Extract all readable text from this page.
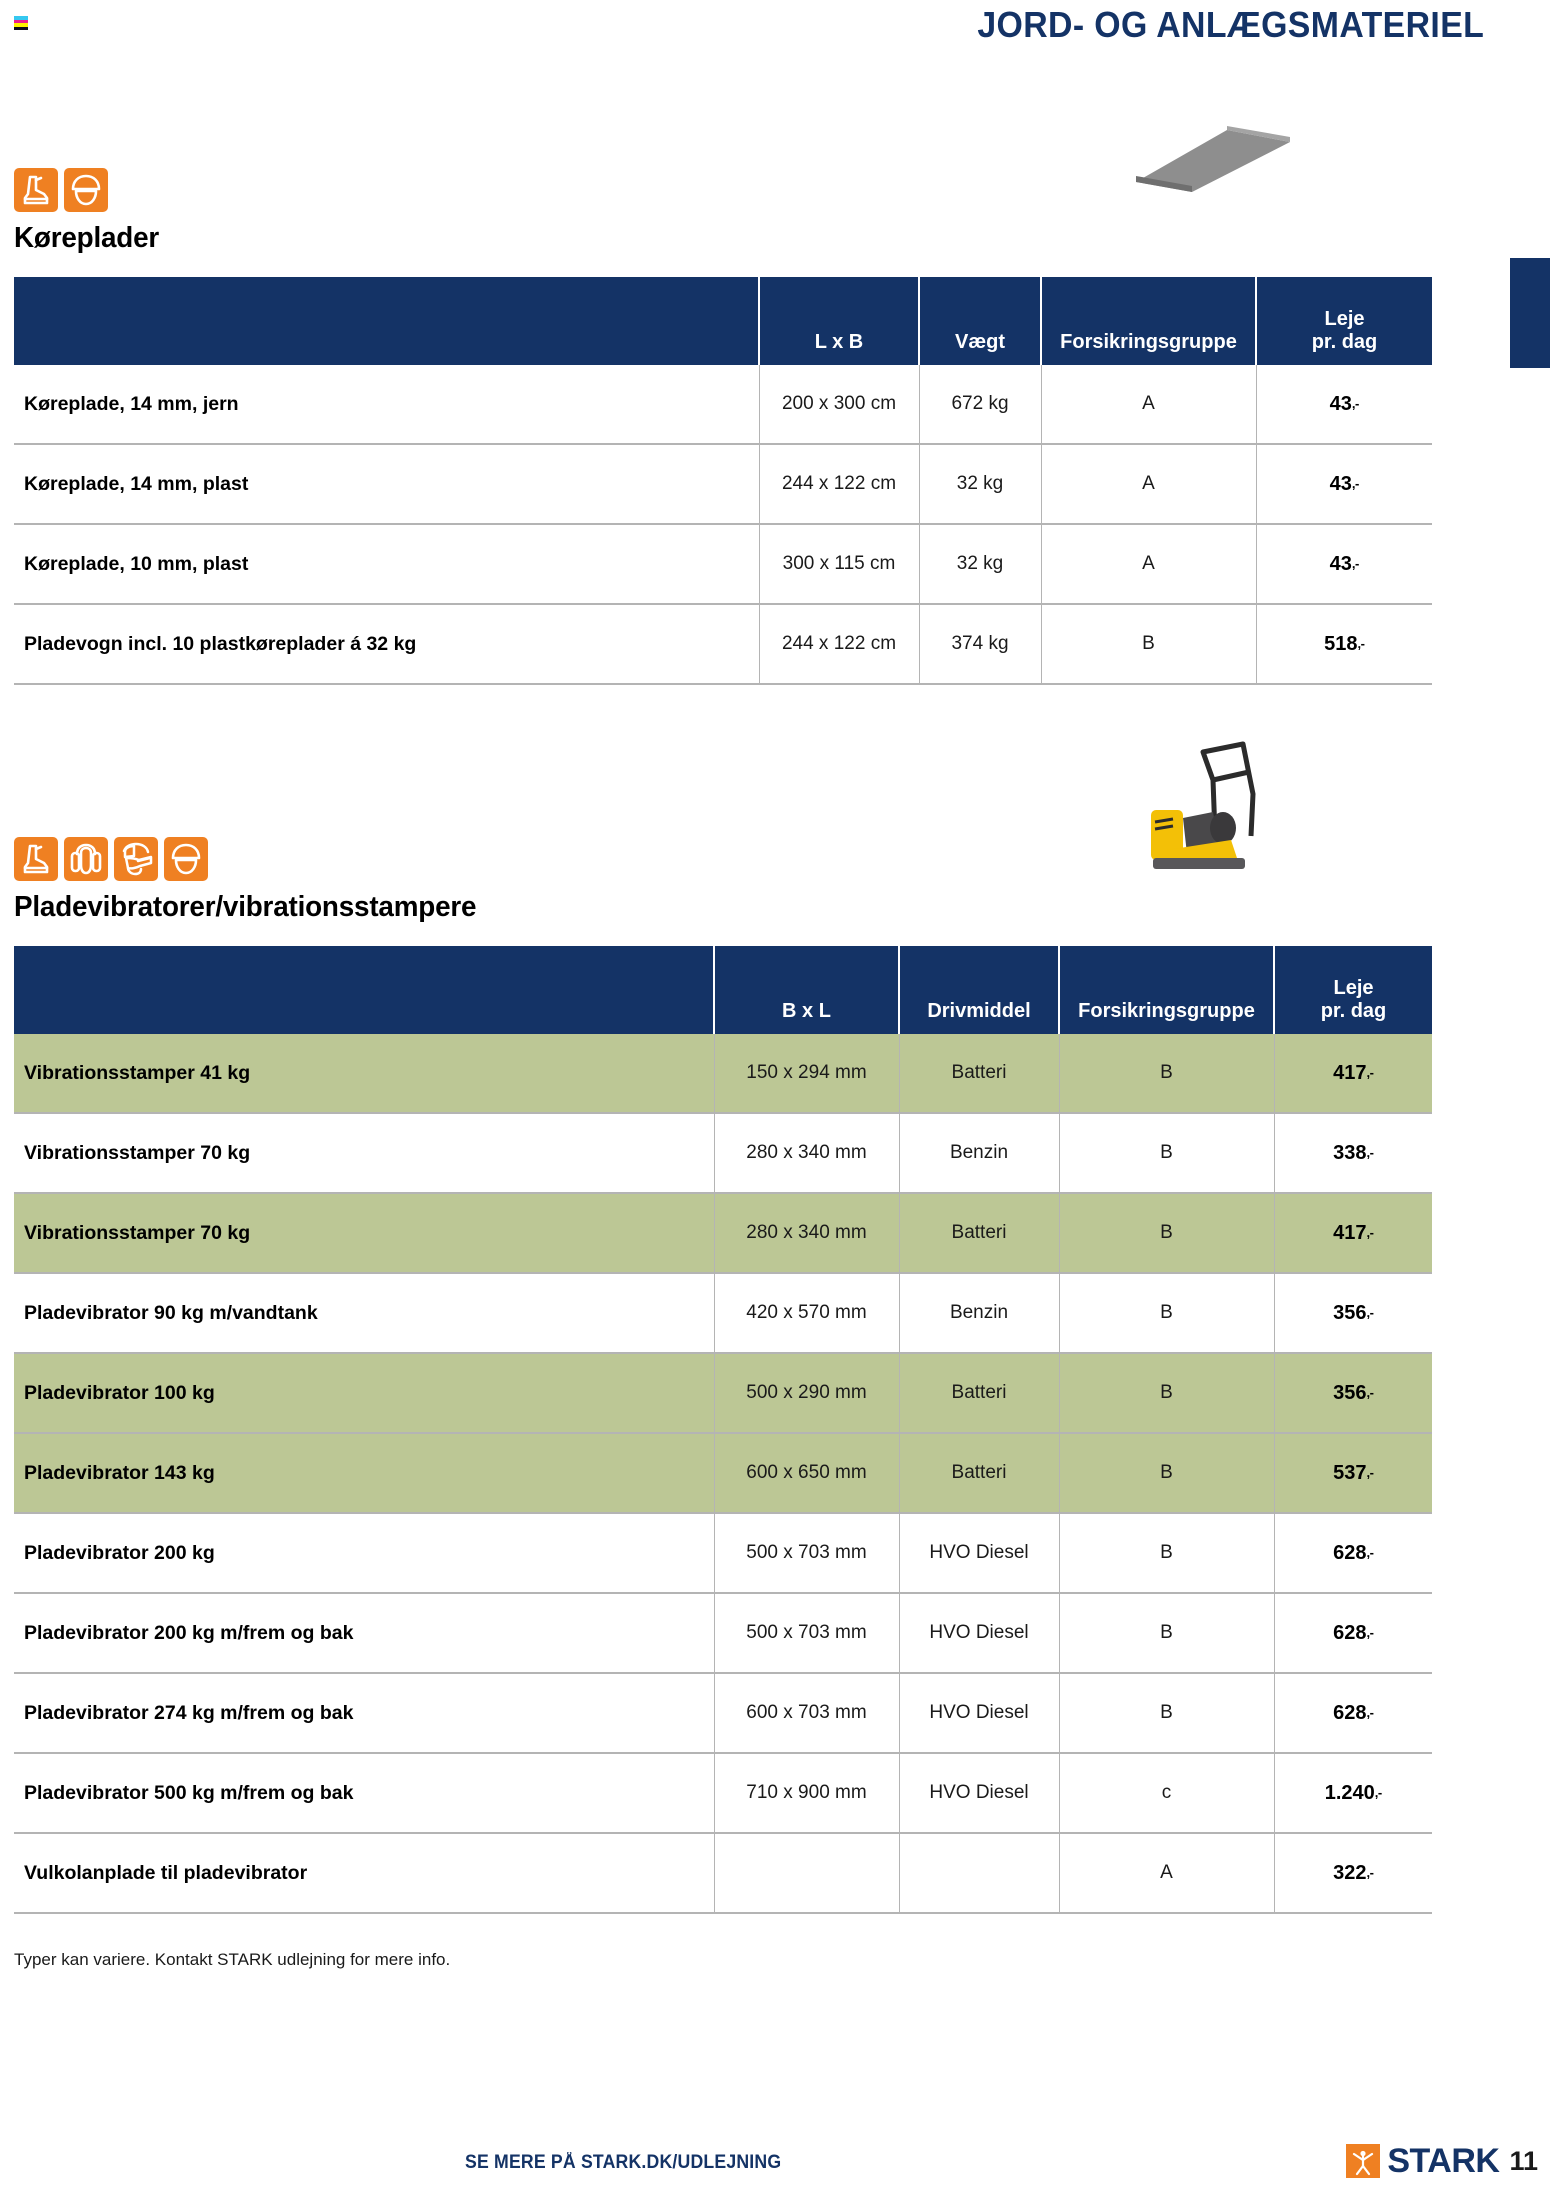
JORD- OG ANLÆGSMATERIEL
Køreplader
	L x B	Vægt	Forsikringsgruppe	Leje
pr. dag
Køreplade, 14 mm, jern	200 x 300 cm	672 kg	A	43,-
Køreplade, 14 mm, plast	244 x 122 cm	32 kg	A	43,-
Køreplade, 10 mm, plast	300 x 115 cm	32 kg	A	43,-
Pladevogn incl. 10 plastkøreplader á 32 kg	244 x 122 cm	374 kg	B	518,-
Pladevibratorer/vibrationsstampere
	B x L	Drivmiddel	Forsikringsgruppe	Leje
pr. dag
Vibrationsstamper 41 kg	150 x 294 mm	Batteri	B	417,-
Vibrationsstamper 70 kg	280 x 340 mm	Benzin	B	338,-
Vibrationsstamper 70 kg	280 x 340 mm	Batteri	B	417,-
Pladevibrator 90 kg m/vandtank	420 x 570 mm	Benzin	B	356,-
Pladevibrator 100 kg	500 x 290 mm	Batteri	B	356,-
Pladevibrator 143 kg	600 x 650 mm	Batteri	B	537,-
Pladevibrator 200 kg	500 x 703 mm	HVO Diesel	B	628,-
Pladevibrator 200 kg m/frem og bak	500 x 703 mm	HVO Diesel	B	628,-
Pladevibrator 274 kg m/frem og bak	600 x 703 mm	HVO Diesel	B	628,-
Pladevibrator 500 kg m/frem og bak	710 x 900 mm	HVO Diesel	c	1.240,-
Vulkolanplade til pladevibrator			A	322,-
Typer kan variere. Kontakt STARK udlejning for mere info.
SE MERE PÅ STARK.DK/UDLEJNING	STARK 11
